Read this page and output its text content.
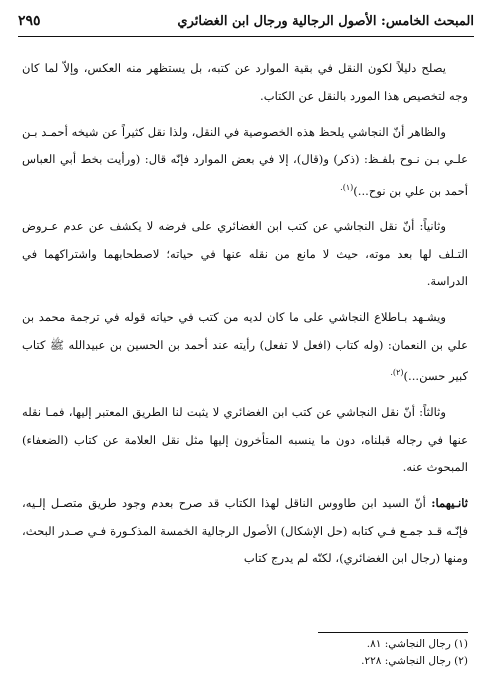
المبحث الخامس: الأصول الرجالية ورجال ابن الغضائري
٢٩٥

يصلح دليلاً لكون النقل في بقية الموارد عن كتبه، بل يستظهر منه العكس، وإلاّ لما كان وجه لتخصيص هذا المورد بالنقل عن الكتاب.

والظاهر أنّ النجاشي يلحظ هذه الخصوصية في النقل، ولذا نقل كثيراً عن شيخه أحمـد بـن علـي بـن نـوح بلفـظ: (ذكر) و(قال)، إلا في بعض الموارد فإنّه قال: (ورأيت بخط أبي العباس أحمد بن علي بن نوح...)$^{(١).}$

وثانياً: أنّ نقل النجاشي عن كتب ابن الغضائري على فرضه لا يكشف عن عدم عـروض التـلف لها بعد موته، حيث لا مانع من نقله عنها في حياته؛ لاصطحابهما واشتراكهما في الدراسة.

ويشـهد بـاطلاع النجاشي على ما كان لديه من كتب في حياته قوله في ترجمة محمد بن علي بن النعمان: (وله كتاب (افعل لا تفعل) رأيته عند أحمد بن الحسين بن عبيدالله ﷺ كتاب كبير حسن...)$^{(٢).}$

وثالثاً: أنّ نقل النجاشي عن كتب ابن الغضائري لا يثبت لنا الطريق المعتبر إليها، فمـا نقله عنها في رجاله قبلناه، دون ما ينسبه المتأخرون إليها مثل نقل العلامة عن كتاب (الضعفاء) المبحوث عنه.

ثانـيهما: أنّ السيد ابن طاووس الناقل لهذا الكتاب قد صرح بعدم وجود طريق متصـل إلـيه، فإنّـه قـد جمـع فـي كتابه (حل الإشكال) الأصول الرجالية الخمسة المذكـورة فـي صـدر البحث، ومنها (رجال ابن الغضائري)، لكنّه لم يدرج كتاب

(١) رجال النجاشي: ٨١.
(٢) رجال النجاشي: ٢٢٨.
